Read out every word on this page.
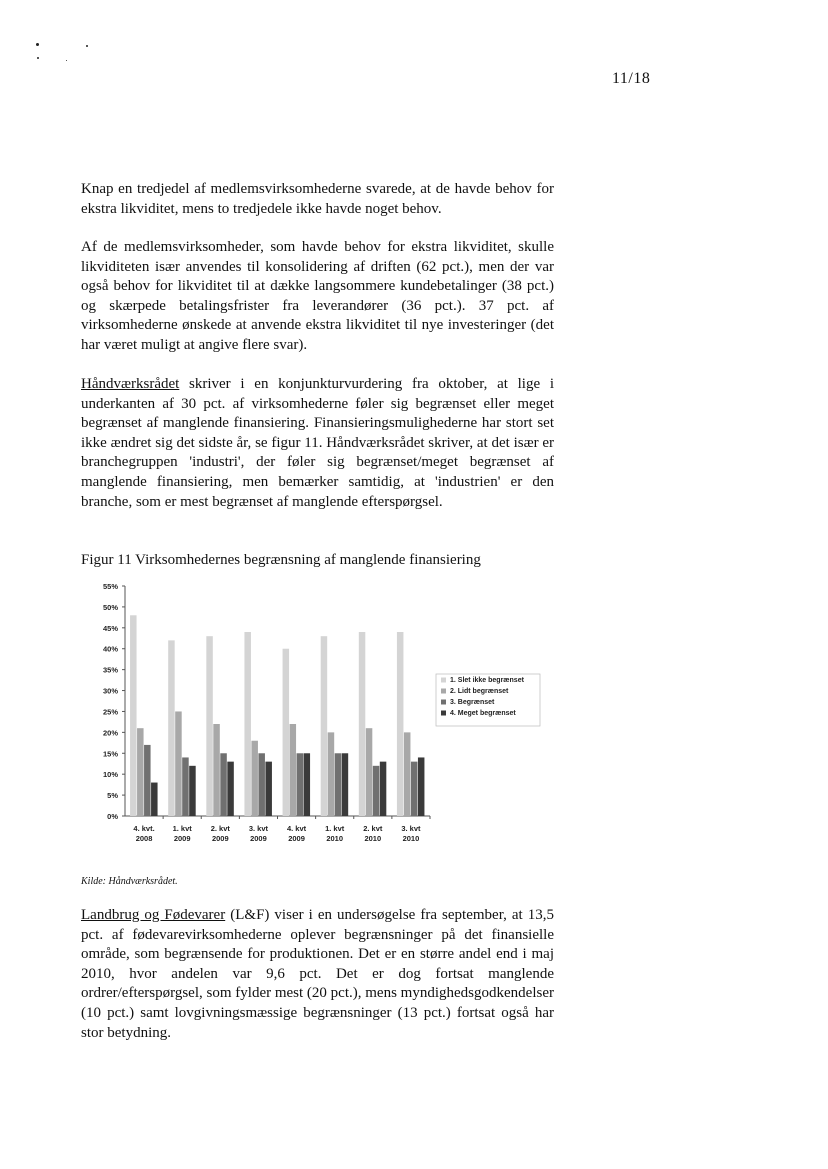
11/18

Knap en tredjedel af medlemsvirksomhederne svarede, at de havde behov for ekstra likviditet, mens to tredjedele ikke havde noget behov.

Af de medlemsvirksomheder, som havde behov for ekstra likviditet, skulle likviditeten især anvendes til konsolidering af driften (62 pct.), men der var også behov for likviditet til at dække langsommere kundebetalinger (38 pct.) og skærpede betalingsfrister fra leverandører (36 pct.). 37 pct. af virksomhederne ønskede at anvende ekstra likviditet til nye investeringer (det har været muligt at angive flere svar).

Håndværksrådet skriver i en konjunkturvurdering fra oktober, at lige i underkanten af 30 pct. af virksomhederne føler sig begrænset eller meget begrænset af manglende finansiering. Finansieringsmulighederne har stort set ikke ændret sig det sidste år, se figur 11. Håndværksrådet skriver, at det især er branchegruppen 'industri', der føler sig begrænset/meget begrænset af manglende finansiering, men bemærker samtidig, at 'industrien' er den branche, som er mest begrænset af manglende efterspørgsel.

Figur 11 Virksomhedernes begrænsning af manglende finansiering
0%
5%
10%
15%
20%
25%
30%
35%
40%
45%
50%
55%
4. kvt.
2008
1. kvt
2009
2. kvt
2009
3. kvt
2009
4. kvt
2009
1. kvt
2010
2. kvt
2010
3. kvt
2010
1. Slet ikke begrænset
2. Lidt begrænset
3. Begrænset
4. Meget begrænset
Kilde: Håndværksrådet.

Landbrug og Fødevarer (L&F) viser i en undersøgelse fra september, at 13,5 pct. af fødevarevirksomhederne oplever begrænsninger på det finansielle område, som begrænsende for produktionen. Det er en større andel end i maj 2010, hvor andelen var 9,6 pct. Det er dog fortsat manglende ordrer/efterspørgsel, som fylder mest (20 pct.), mens myndighedsgodkendelser (10 pct.) samt lovgivningsmæssige begrænsninger (13 pct.) fortsat også har stor betydning.
